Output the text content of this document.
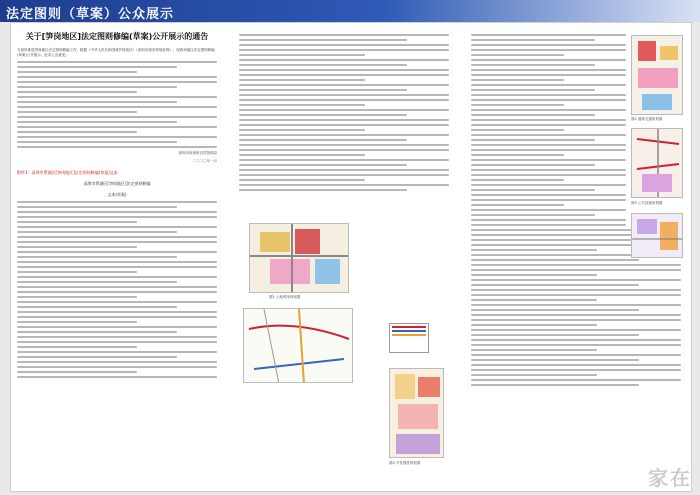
法定图则（草案）公众展示
关于[笋岗地区]法定图则修编(草案)公开展示的通告
为加快推进笋岗地区法定图则修编工作，根据《中华人民共和国城乡规划法》《深圳市城市规划条例》，现将该地区法定图则修编(草案)公开展示，征求公众意见。
深圳市规划和自然资源局
二〇二〇年一月
附件1：深圳市罗湖区[笋岗地区]法定图则修编(草案)文本
深圳市罗湖区[笋岗地区]法定图则修编
文本(草案)
图1 土地利用规划图
图4 开发强度规划图
图2 道路交通规划图
图3 公共设施规划图
家在
